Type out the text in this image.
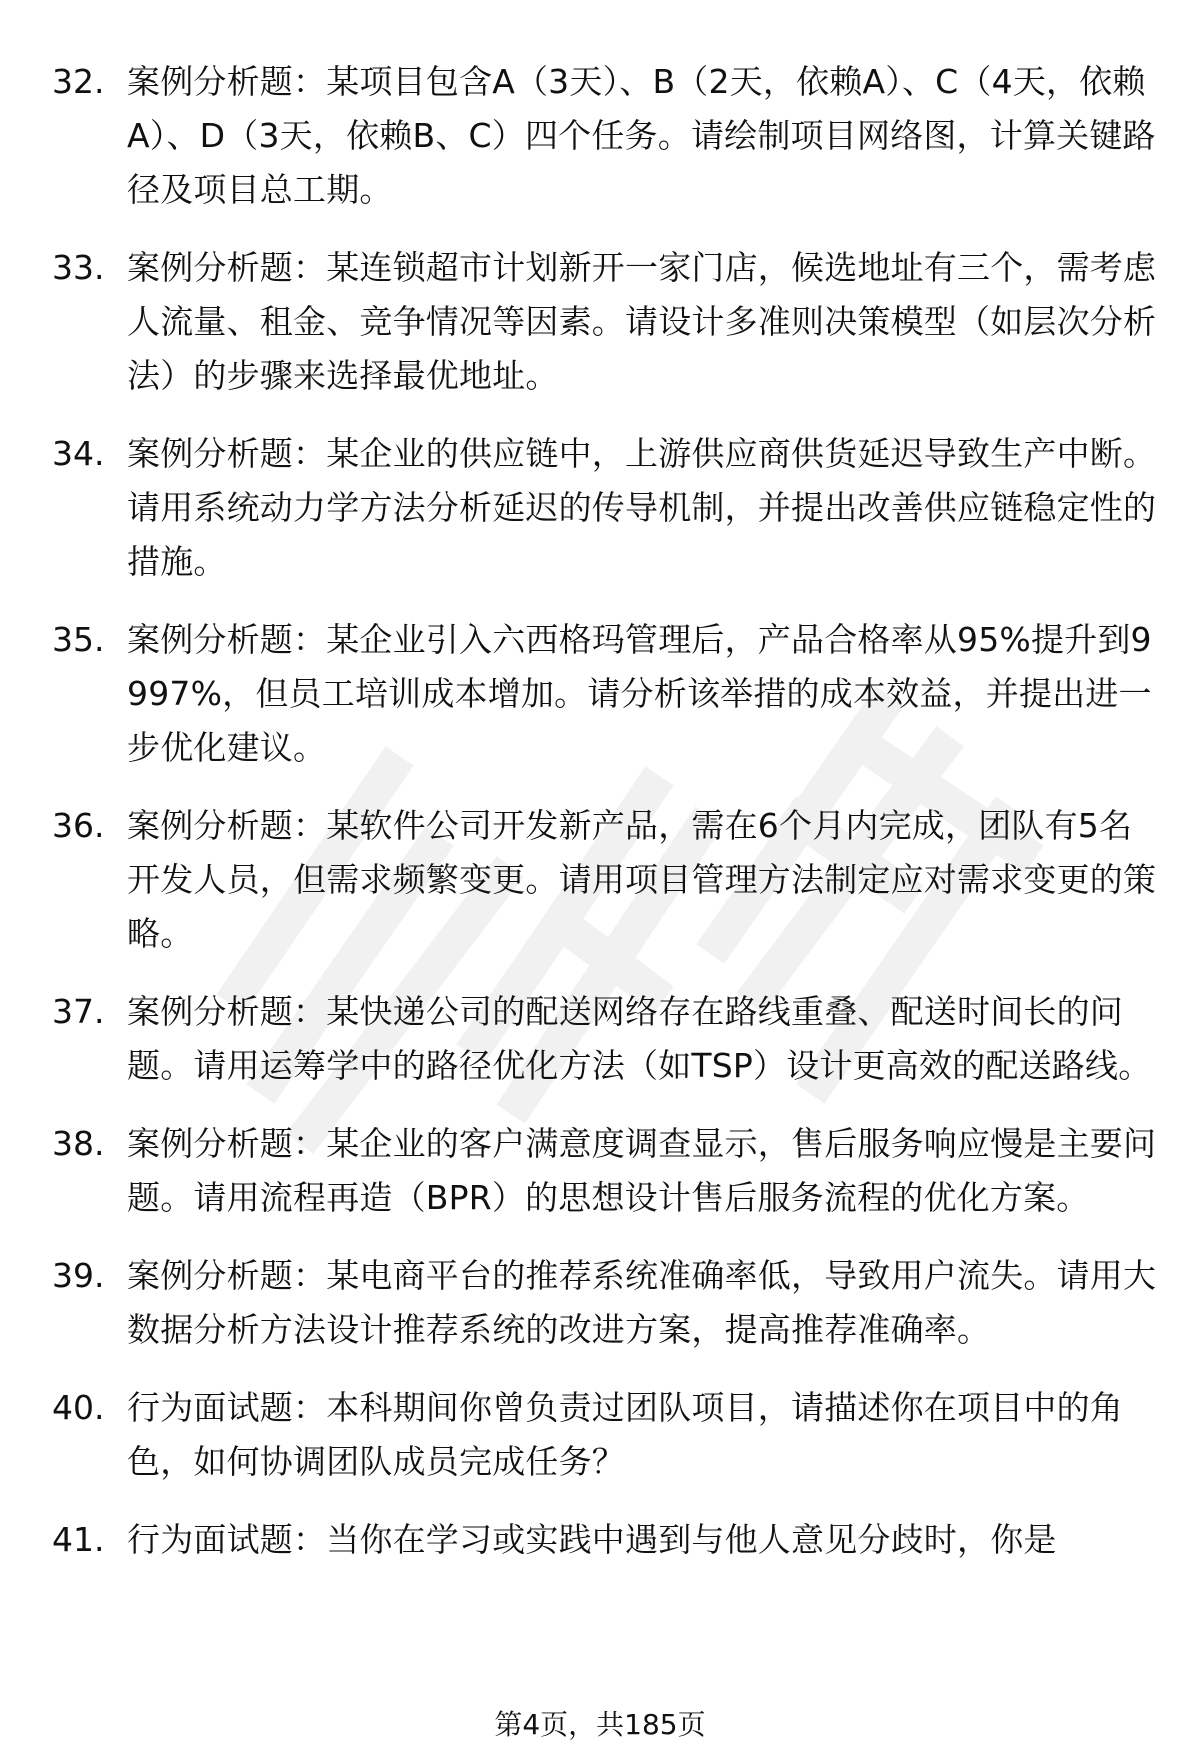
32. 案例分析题：某项目包含A（3天）、B（2天，依赖A）、C（4天，依赖A）、D（3天，依赖B、C）四个任务。请绘制项目网络图，计算关键路径及项目总工期。
33. 案例分析题：某连锁超市计划新开一家门店，候选地址有三个，需考虑人流量、租金、竞争情况等因素。请设计多准则决策模型（如层次分析法）的步骤来选择最优地址。
34. 案例分析题：某企业的供应链中，上游供应商供货延迟导致生产中断。请用系统动力学方法分析延迟的传导机制，并提出改善供应链稳定性的措施。
35. 案例分析题：某企业引入六西格玛管理后，产品合格率从95%提升到9997%，但员工培训成本增加。请分析该举措的成本效益，并提出进一步优化建议。
36. 案例分析题：某软件公司开发新产品，需在6个月内完成，团队有5名开发人员，但需求频繁变更。请用项目管理方法制定应对需求变更的策略。
37. 案例分析题：某快递公司的配送网络存在路线重叠、配送时间长的问题。请用运筹学中的路径优化方法（如TSP）设计更高效的配送路线。
38. 案例分析题：某企业的客户满意度调查显示，售后服务响应慢是主要问题。请用流程再造（BPR）的思想设计售后服务流程的优化方案。
39. 案例分析题：某电商平台的推荐系统准确率低，导致用户流失。请用大数据分析方法设计推荐系统的改进方案，提高推荐准确率。
40. 行为面试题：本科期间你曾负责过团队项目，请描述你在项目中的角色，如何协调团队成员完成任务？
41. 行为面试题：当你在学习或实践中遇到与他人意见分歧时，你是
第4页，共185页
